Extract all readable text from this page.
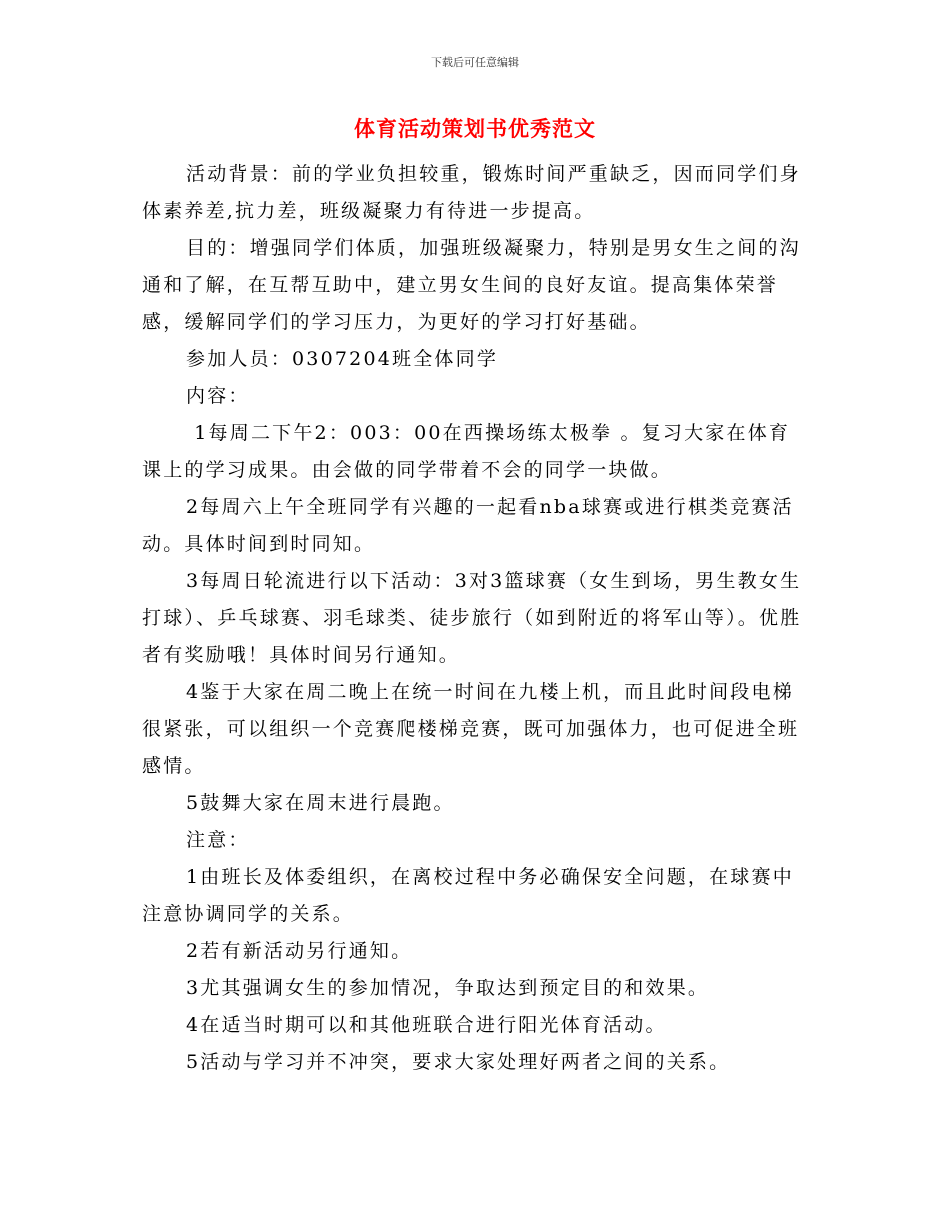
下载后可任意编辑
体育活动策划书优秀范文

活动背景：前的学业负担较重，锻炼时间严重缺乏，因而同学们身体素养差,抗力差，班级凝聚力有待进一步提高。

目的：增强同学们体质，加强班级凝聚力，特别是男女生之间的沟通和了解，在互帮互助中，建立男女生间的良好友谊。提高集体荣誉感，缓解同学们的学习压力，为更好的学习打好基础。

参加人员：0307204班全体同学

内容：

1每周二下午2：003：00在西操场练太极拳 。复习大家在体育课上的学习成果。由会做的同学带着不会的同学一块做。

2每周六上午全班同学有兴趣的一起看nba球赛或进行棋类竞赛活动。具体时间到时同知。

3每周日轮流进行以下活动：3对3篮球赛（女生到场，男生教女生打球）、乒乓球赛、羽毛球类、徒步旅行（如到附近的将军山等）。优胜者有奖励哦！具体时间另行通知。

4鉴于大家在周二晚上在统一时间在九楼上机，而且此时间段电梯很紧张，可以组织一个竞赛爬楼梯竞赛，既可加强体力，也可促进全班感情。

5鼓舞大家在周末进行晨跑。

注意：

1由班长及体委组织，在离校过程中务必确保安全问题，在球赛中注意协调同学的关系。

2若有新活动另行通知。

3尤其强调女生的参加情况，争取达到预定目的和效果。

4在适当时期可以和其他班联合进行阳光体育活动。

5活动与学习并不冲突，要求大家处理好两者之间的关系。
